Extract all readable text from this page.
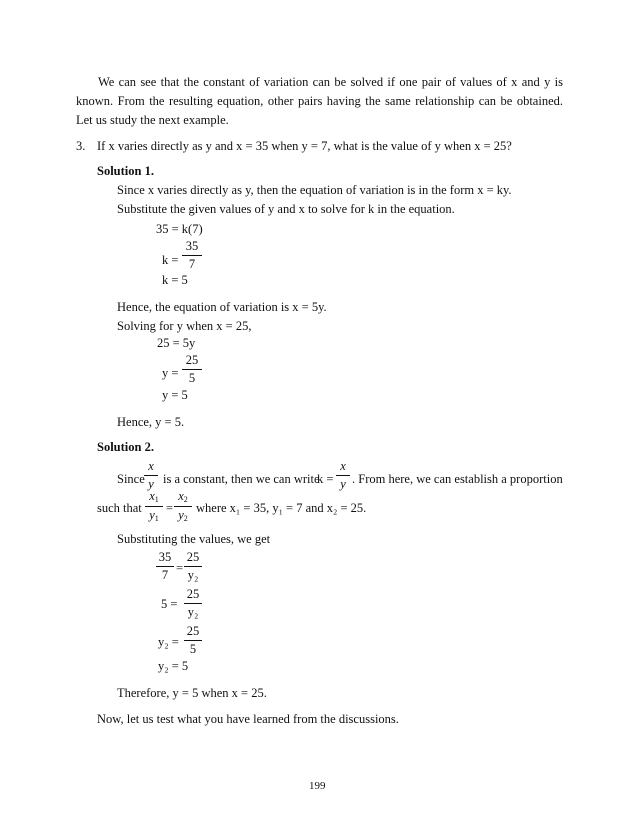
We can see that the constant of variation can be solved if one pair of values of x and y is
known. From the resulting equation, other pairs having the same relationship can be obtained.
Let us study the next example.
3. If x varies directly as y and x = 35 when y = 7, what is the value of y when x = 25?
Solution 1.
Since x varies directly as y, then the equation of variation is in the form x = ky.
Substitute the given values of y and x to solve for k in the equation.
35 = k(7)
k =
35
7
k = 5
Hence, the equation of variation is x = 5y.
Solving for y when x = 25,
25 = 5y
y =
25
5
y = 5
Hence, y = 5.
Solution 2.
Since
x
y is a constant, then we can write
k =
x
y . From here, we can establish a proportion
such that
$x_1$
$y_1$
=
$x_2$
$y_2$
where x₁ = 35, y₁ = 7 and x₂ = 25.
Substituting the values, we get
35
7 =
25
y₂
5 =
25
y₂
y₂ =
25
5
y₂ = 5
Therefore, y = 5 when x = 25.
Now, let us test what you have learned from the discussions.
199
